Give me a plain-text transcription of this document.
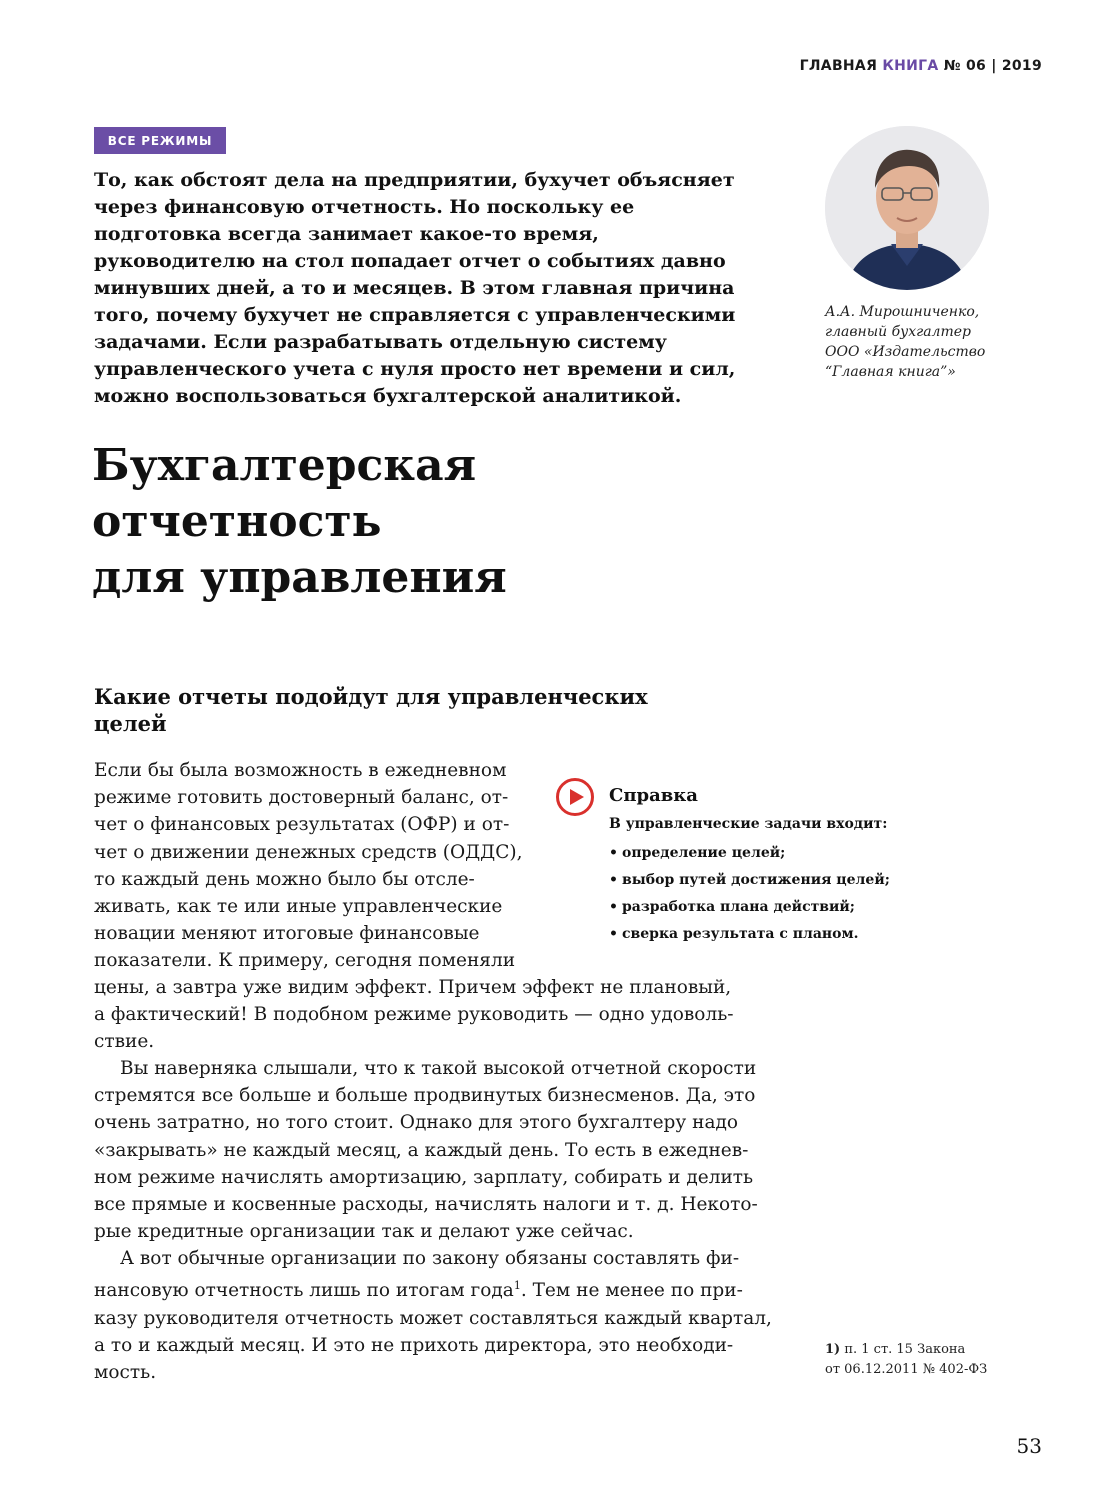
ГЛАВНАЯ КНИГА № 06 | 2019
ВСЕ РЕЖИМЫ

То, как обстоят дела на предприятии, бухучет объясняет
через финансовую отчетность. Но поскольку ее
подготовка всегда занимает какое-то время,
руководителю на стол попадает отчет о событиях давно
минувших дней, а то и месяцев. В этом главная причина
того, почему бухучет не справляется с управленческими
задачами. Если разрабатывать отдельную систему
управленческого учета с нуля просто нет времени и сил,
можно воспользоваться бухгалтерской аналитикой.

А.А. Мирошниченко,
главный бухгалтер
ООО «Издательство
“Главная книга”»
Бухгалтерская
отчетность
для управления
Какие отчеты подойдут для управленческих
целей
Если бы была возможность в ежедневном
режиме готовить достоверный баланс, от-
чет о финансовых результатах (ОФР) и от-
чет о движении денежных средств (ОДДС),
то каждый день можно было бы отсле-
живать, как те или иные управленческие
новации меняют итоговые финансовые
показатели. К примеру, сегодня поменяли
цены, а завтра уже видим эффект. Причем эффект не плановый,
а фактический! В подобном режиме руководить — одно удоволь-
ствие.
Вы наверняка слышали, что к такой высокой отчетной скорости
стремятся все больше и больше продвинутых бизнесменов. Да, это
очень затратно, но того стоит. Однако для этого бухгалтеру надо
«закрывать» не каждый месяц, а каждый день. То есть в ежеднев-
ном режиме начислять амортизацию, зарплату, собирать и делить
все прямые и косвенные расходы, начислять налоги и т. д. Некото-
рые кредитные организации так и делают уже сейчас.
А вот обычные организации по закону обязаны составлять фи-
нансовую отчетность лишь по итогам года$^1$. Тем не менее по при-
казу руководителя отчетность может составляться каждый квартал,
а то и каждый месяц. И это не прихоть директора, это необходи-
мость.
Справка
В управленческие задачи входит:
• определение целей;
• выбор путей достижения целей;
• разработка плана действий;
• сверка результата с планом.
1) п. 1 ст. 15 Закона
от 06.12.2011 № 402-ФЗ
53
